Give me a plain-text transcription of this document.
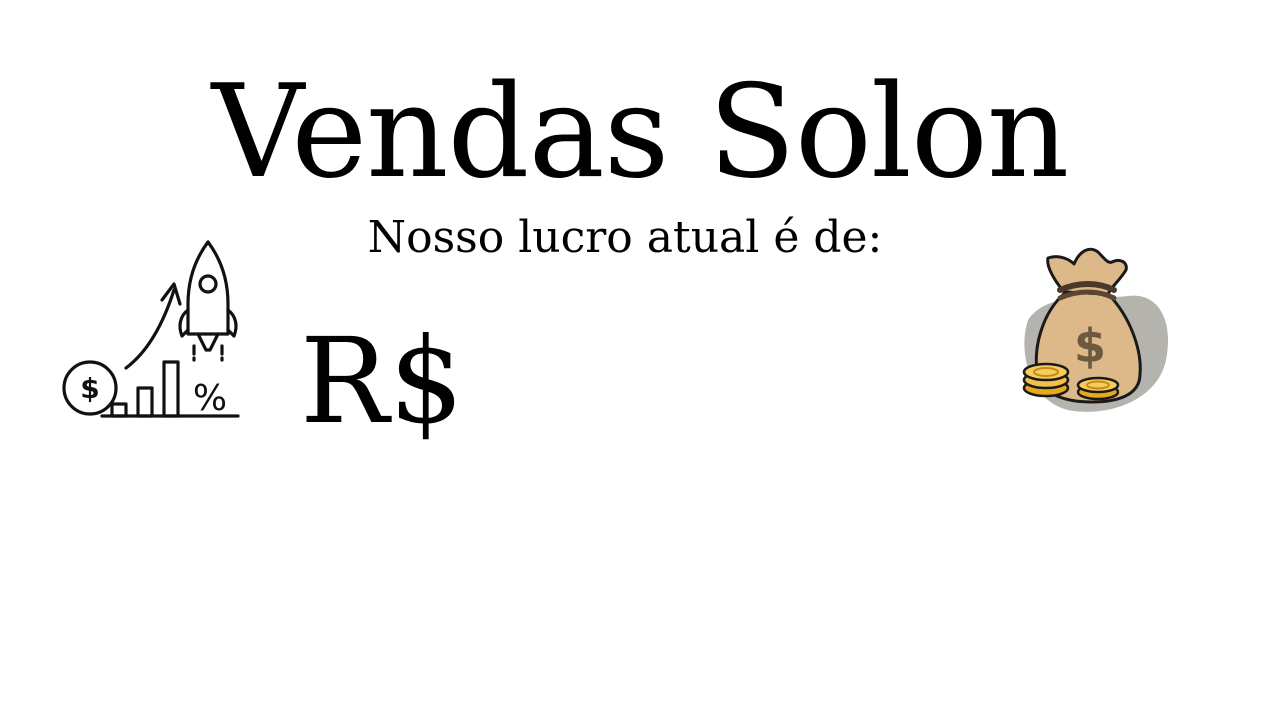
Vendas Solon

Nosso lucro atual é de:

$	% R$	$
